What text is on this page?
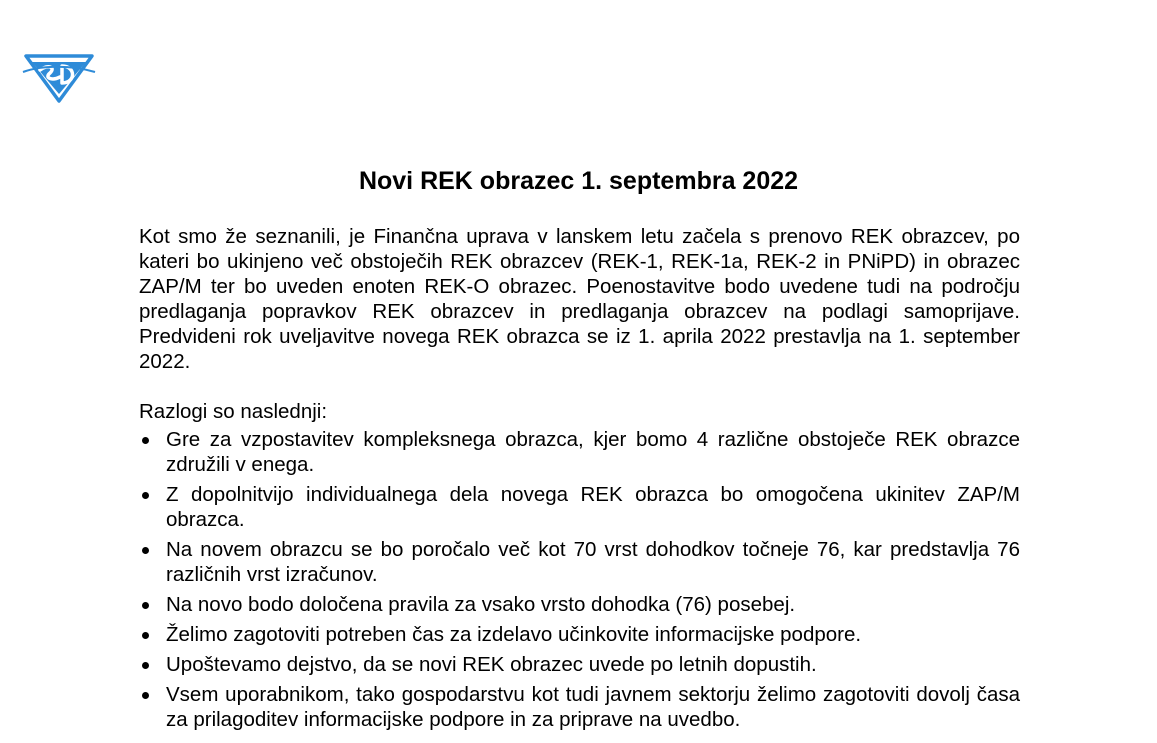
Novi REK obrazec 1. septembra 2022

Kot smo že seznanili, je Finančna uprava v lanskem letu začela s prenovo REK obrazcev, po kateri bo ukinjeno več obstoječih REK obrazcev (REK-1, REK-1a, REK-2 in PNiPD) in obrazec ZAP/M ter bo uveden enoten REK-O obrazec. Poenostavitve bodo uvedene tudi na področju predlaganja popravkov REK obrazcev in predlaganja obrazcev na podlagi samoprijave. Predvideni rok uveljavitve novega REK obrazca se iz 1. aprila 2022 prestavlja na 1. september 2022.

Razlogi so naslednji:

Gre za vzpostavitev kompleksnega obrazca, kjer bomo 4 različne obstoječe REK obrazce združili v enega.
Z dopolnitvijo individualnega dela novega REK obrazca bo omogočena ukinitev ZAP/M obrazca.
Na novem obrazcu se bo poročalo več kot 70 vrst dohodkov točneje 76, kar predstavlja 76 različnih vrst izračunov.
Na novo bodo določena pravila za vsako vrsto dohodka (76) posebej.
Želimo zagotoviti potreben čas za izdelavo učinkovite informacijske podpore.
Upoštevamo dejstvo, da se novi REK obrazec uvede po letnih dopustih.
Vsem uporabnikom, tako gospodarstvu kot tudi javnem sektorju želimo zagotoviti dovolj časa za prilagoditev informacijske podpore in za priprave na uvedbo.
